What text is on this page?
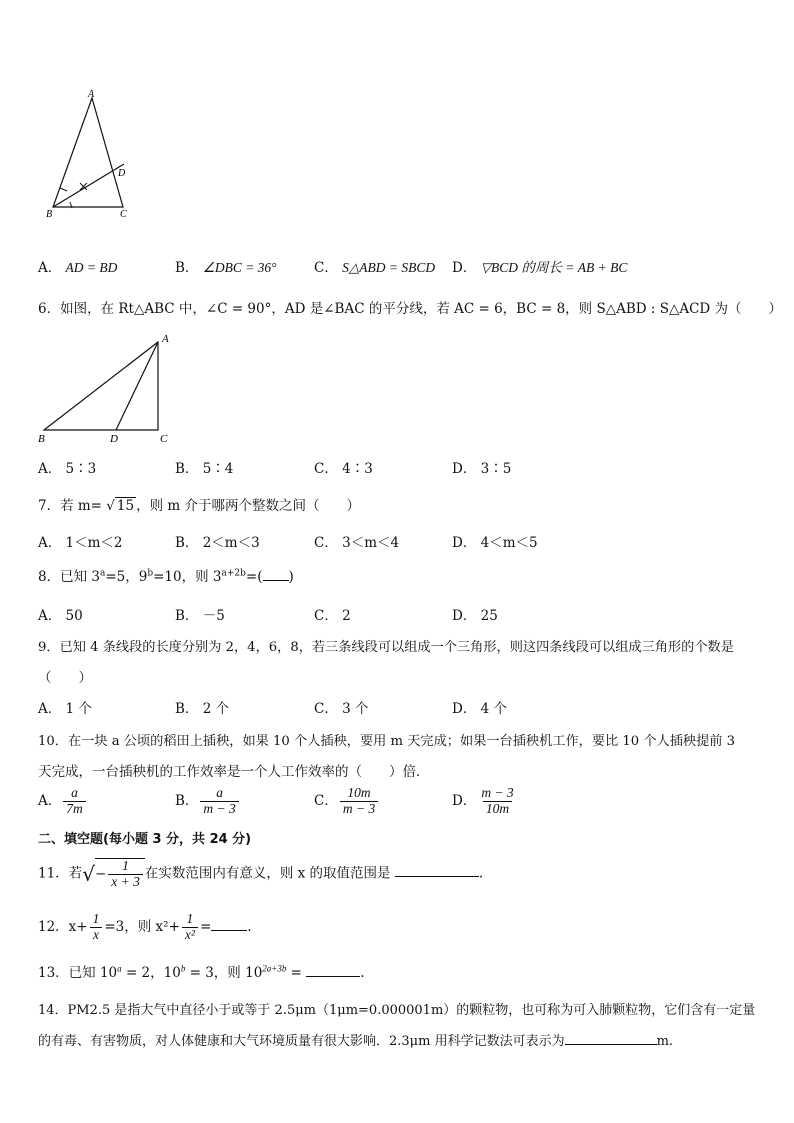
A
B	C
D
A． AD = BD	B． ∠DBC = 36°	C． S△ABD = SBCD D． ▽BCD 的周长 = AB + BC
6．如图，在 Rt△ABC 中，∠C = 90°，AD 是∠BAC 的平分线，若 AC = 6，BC = 8，则 S△ABD : S△ACD 为（　　）
A
B	D	C
A． 5∶3	B． 5∶4	C． 4∶3	D． 3∶5
7．若 m= √ 15 ，则 m 介于哪两个整数之间（　　）
A． 1＜m＜2	B． 2＜m＜3	C． 3＜m＜4	D． 4＜m＜5
8．已知 $3^a=5$，$9^b=10$，则 $3^{a+2b}=$( )
A． 50	B． －5	C． 2	D． 25
9．已知 4 条线段的长度分别为 2，4，6，8，若三条线段可以组成一个三角形，则这四条线段可以组成三角形的个数是
（　　）
A． 1 个	B． 2 个	C． 3 个	D． 4 个
10．在一块 a 公顷的稻田上插秧，如果 10 个人插秧，要用 m 天完成；如果一台插秧机工作，要比 10 个人插秧提前 3
天完成，一台插秧机的工作效率是一个人工作效率的（　　）倍．
A． $\frac{a}{7m}$	B． $\frac{a}{m - 3}$	C． $\frac{10m}{m - 3}$	D． $\frac{m - 3}{10m}$
二、填空题(每小题 3 分，共 24 分)
11．若√− $\frac{1}{x + 3}$ 在实数范围内有意义，则 x 的取值范围是	.
12．$x+ \frac{1}{x} =3$，则 $x^2+ \frac{1}{\text{x²}}$ =	.
13．已知 $10^a = 2$，$10^b = 3$，则 $10^{2a+3b}$ =	.
14．PM2.5 是指大气中直径小于或等于 2.5μm（1μm=0.000001m）的颗粒物，也可称为可入肺颗粒物，它们含有一定量
的有毒、有害物质，对人体健康和大气环境质量有很大影响．2.3μm 用科学记数法可表示为	m.
